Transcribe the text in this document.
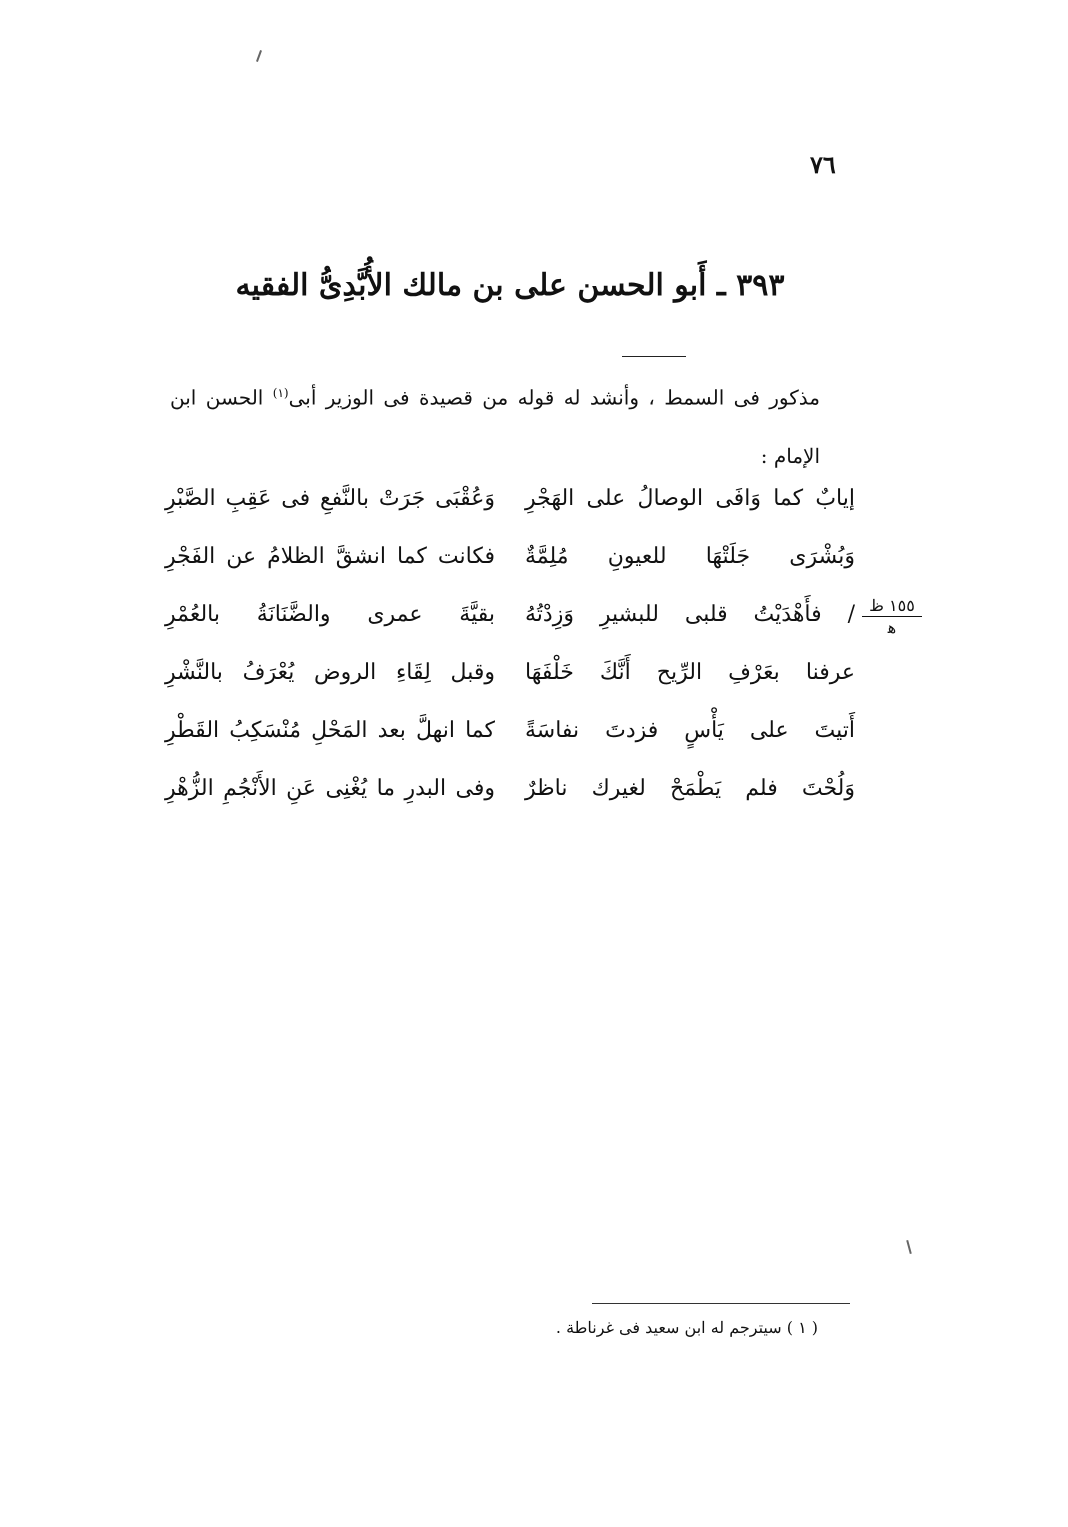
٧٦
٣٩٣ ـ أَبو الحسن على بن مالك الأُبَّدِىُّ الفقيه
مذكور فى السمط ، وأنشد له قوله من قصيدة فى الوزير أبى$^{(١)}$ الحسن ابن الإمام :
إيابٌ كما وَافَى الوصالُ على الهَجْرِ
وَعُقْبَى جَرَتْ بالنَّفعِ فى عَقِبِ الصَّبْرِ
وَبُشْرَى جَلَتْهَا للعيونِ مُلِمَّةٌ
فكانت كما انشقَّ الظلامُ عن الفَجْرِ
/ فأَهْدَيْتُ قلبى للبشيرِ وَزِدْتُهُ
بقيَّةَ عمرى والضَّنَانَةُ بالعُمْرِ
عرفنا بعَرْفِ الرِّيح أَنَّكَ خَلْفَهَا
وقبل لِقَاءِ الروض يُعْرَفُ بالنَّشْرِ
أَتيتَ على يَأْسٍ فزدتَ نفاسَةً
كما انهلَّ بعد المَحْلِ مُنْسَكِبُ القَطْرِ
وَلُحْتَ فلم يَطْمَحْ لغيرك ناظرٌ
وفى البدرِ ما يُغْنِى عَنِ الأَنْجُمِ الزُّهْرِ
١٥٥ ظ
ﻫ
( ١ ) سيترجم له ابن سعيد فى غرناطة .
